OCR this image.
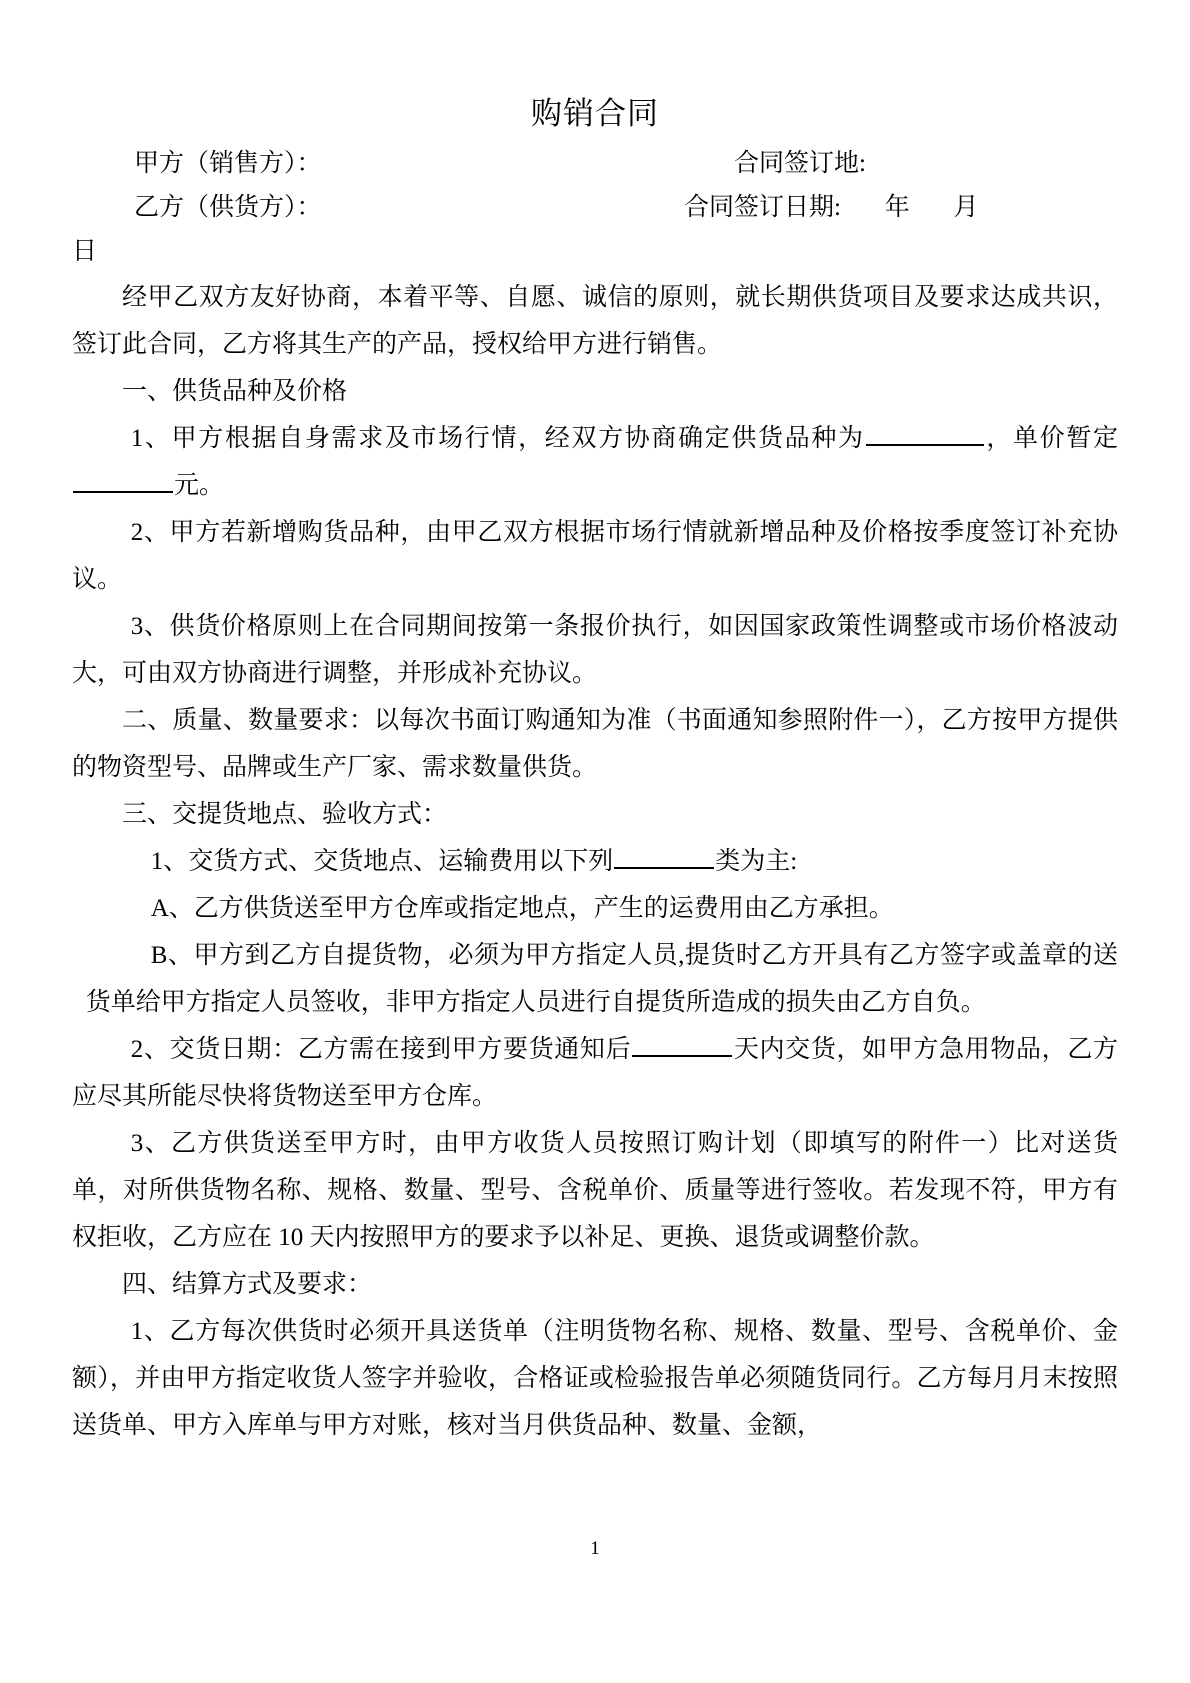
购销合同
甲方（销售方）：	合同签订地:
乙方（供货方）：	合同签订日期: 年 月
日

经甲乙双方友好协商，本着平等、自愿、诚信的原则，就长期供货项目及要求达成共识，签订此合同，乙方将其生产的产品，授权给甲方进行销售。

一、供货品种及价格

1、甲方根据自身需求及市场行情，经双方协商确定供货品种为	，单价暂定元。

2、甲方若新增购货品种，由甲乙双方根据市场行情就新增品种及价格按季度签订补充协议。

3、供货价格原则上在合同期间按第一条报价执行，如因国家政策性调整或市场价格波动大，可由双方协商进行调整，并形成补充协议。

二、质量、数量要求：以每次书面订购通知为准（书面通知参照附件一），乙方按甲方提供的物资型号、品牌或生产厂家、需求数量供货。

三、交提货地点、验收方式：

1、交货方式、交货地点、运输费用以下列	类为主:

A、乙方供货送至甲方仓库或指定地点，产生的运费用由乙方承担。

B、甲方到乙方自提货物，必须为甲方指定人员,提货时乙方开具有乙方签字或盖章的送货单给甲方指定人员签收，非甲方指定人员进行自提货所造成的损失由乙方自负。

2、交货日期：乙方需在接到甲方要货通知后	天内交货，如甲方急用物品，乙方应尽其所能尽快将货物送至甲方仓库。

3、乙方供货送至甲方时，由甲方收货人员按照订购计划（即填写的附件一）比对送货单，对所供货物名称、规格、数量、型号、含税单价、质量等进行签收。若发现不符，甲方有权拒收，乙方应在 10 天内按照甲方的要求予以补足、更换、退货或调整价款。

四、结算方式及要求：

1、乙方每次供货时必须开具送货单（注明货物名称、规格、数量、型号、含税单价、金额），并由甲方指定收货人签字并验收，合格证或检验报告单必须随货同行。乙方每月月末按照送货单、甲方入库单与甲方对账，核对当月供货品种、数量、金额，

1
